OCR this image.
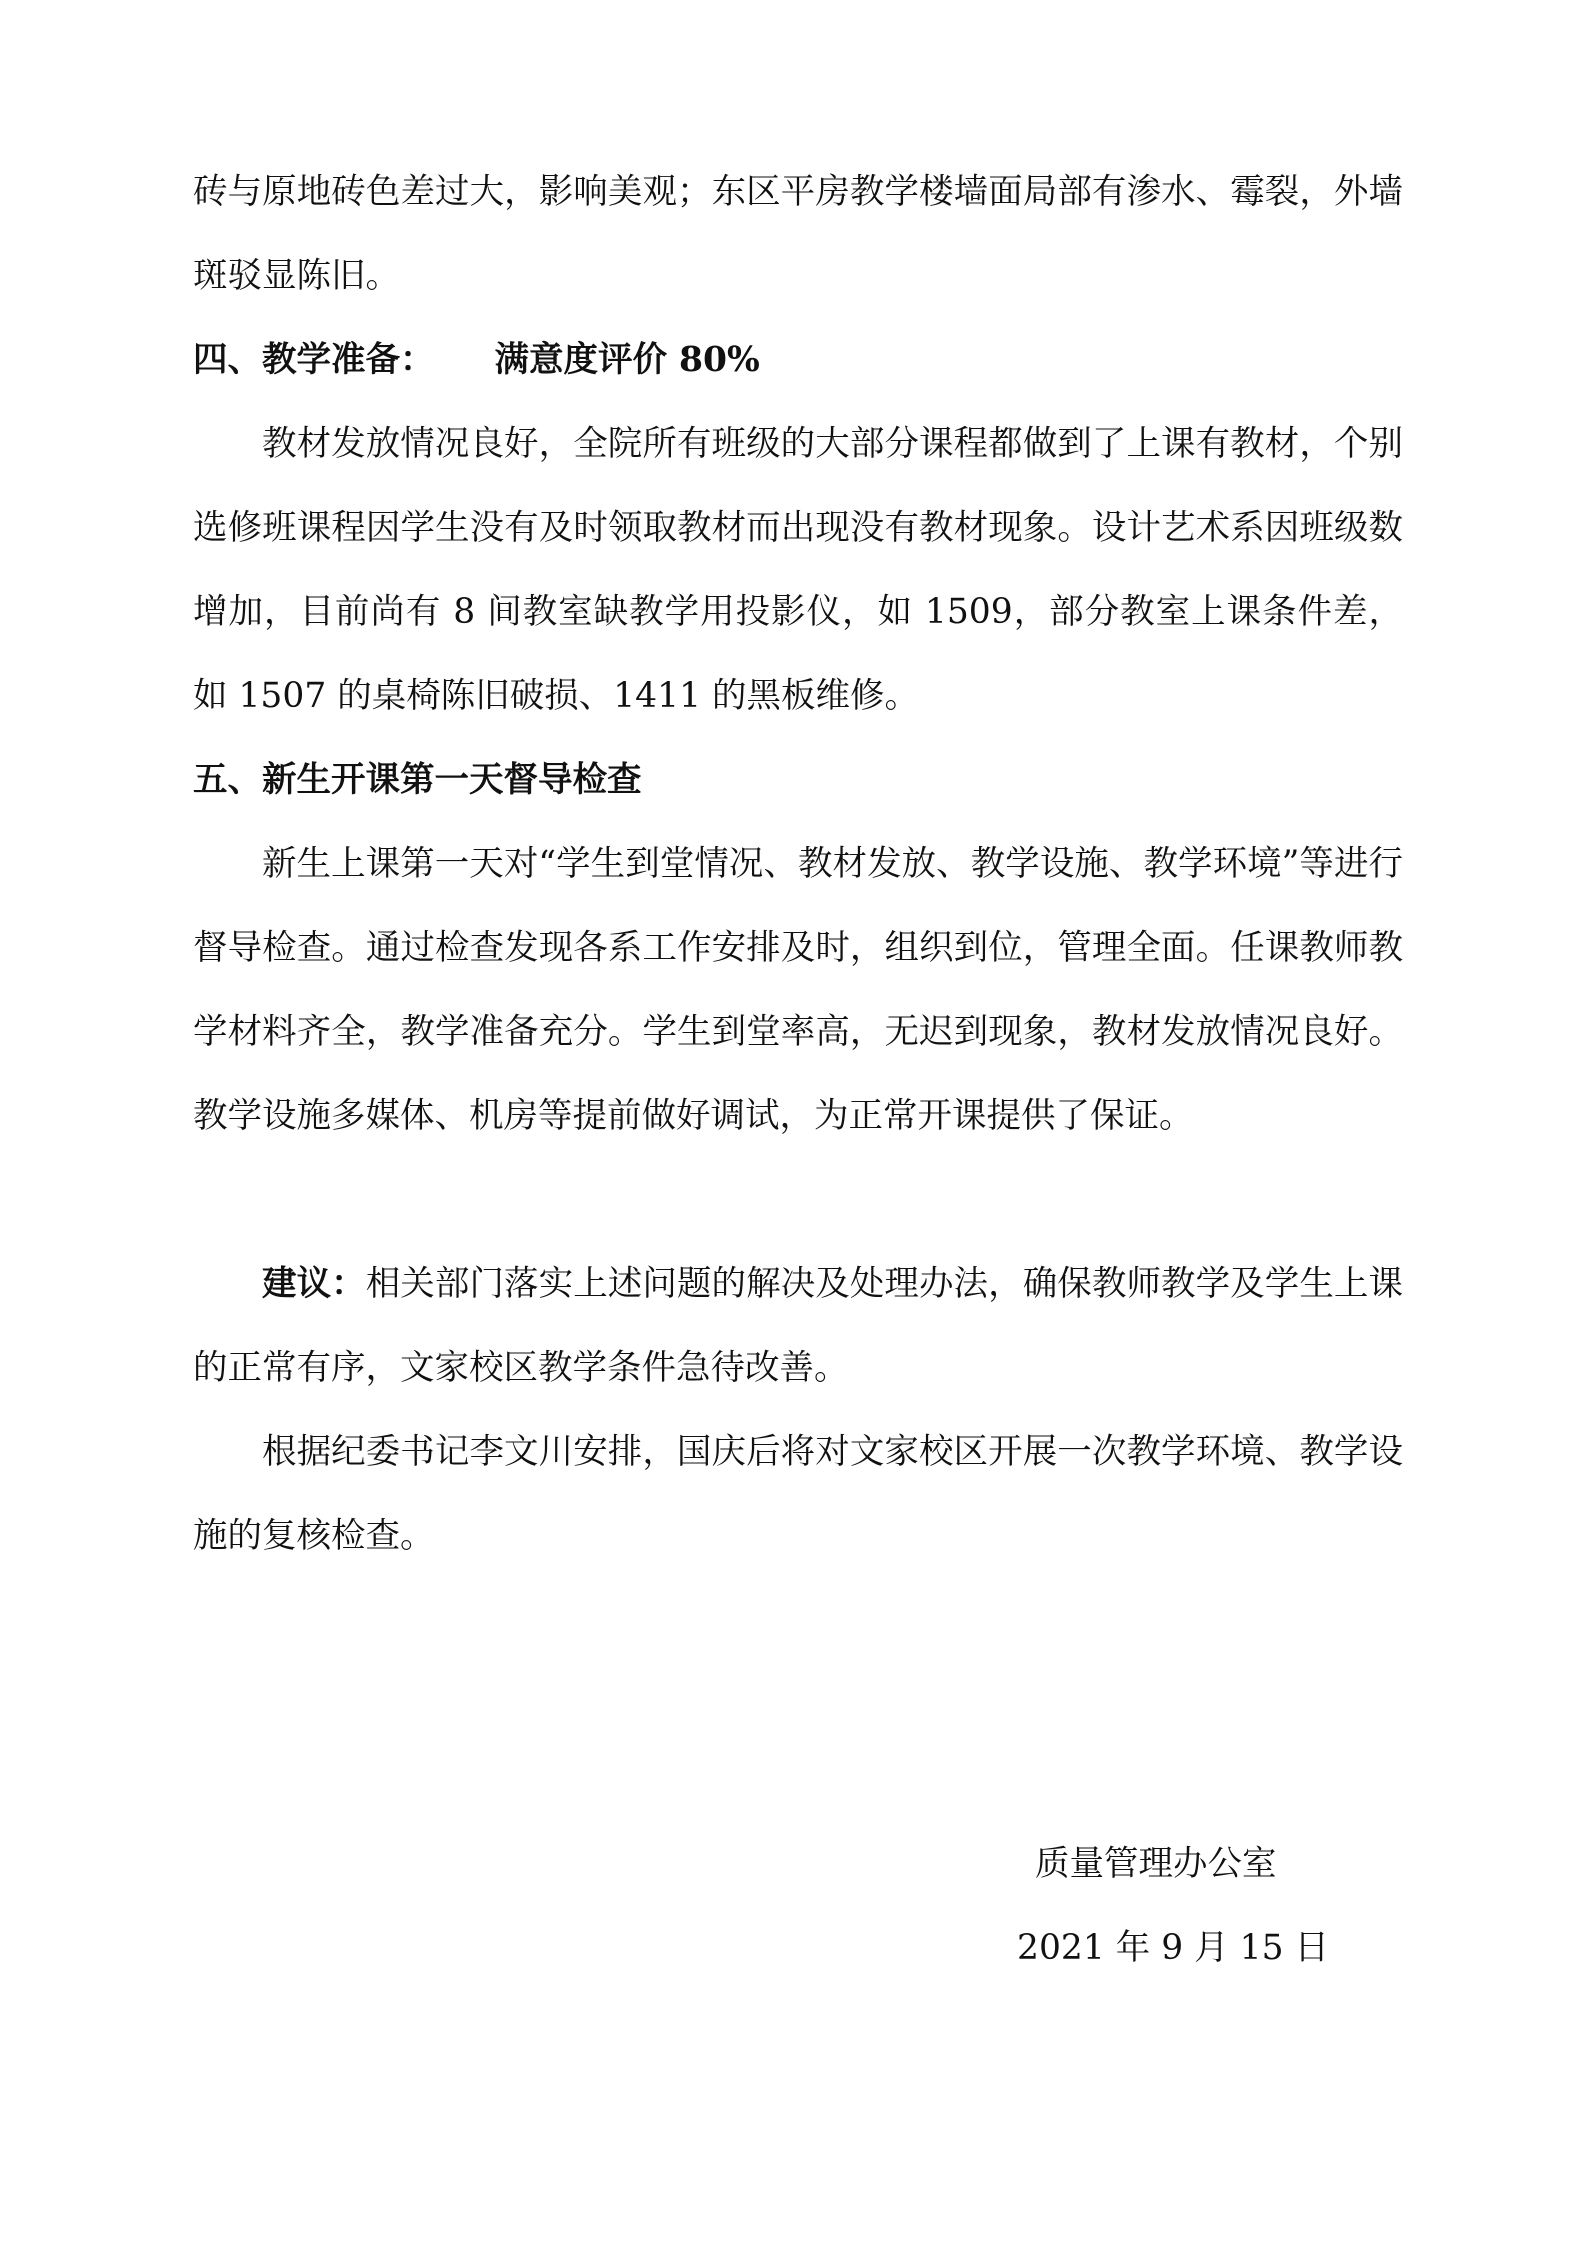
砖与原地砖色差过大，影响美观；东区平房教学楼墙面局部有渗水、霉裂，外墙斑驳显陈旧。

四、教学准备： 满意度评价 80%

教材发放情况良好，全院所有班级的大部分课程都做到了上课有教材，个别选修班课程因学生没有及时领取教材而出现没有教材现象。设计艺术系因班级数增加，目前尚有 8 间教室缺教学用投影仪，如 1509，部分教室上课条件差，如 1507 的桌椅陈旧破损、1411 的黑板维修。

五、新生开课第一天督导检查

新生上课第一天对“学生到堂情况、教材发放、教学设施、教学环境”等进行督导检查。通过检查发现各系工作安排及时，组织到位，管理全面。任课教师教学材料齐全，教学准备充分。学生到堂率高，无迟到现象，教材发放情况良好。教学设施多媒体、机房等提前做好调试，为正常开课提供了保证。

建议：相关部门落实上述问题的解决及处理办法，确保教师教学及学生上课的正常有序，文家校区教学条件急待改善。

根据纪委书记李文川安排，国庆后将对文家校区开展一次教学环境、教学设施的复核检查。

质量管理办公室
2021 年 9 月 15 日
